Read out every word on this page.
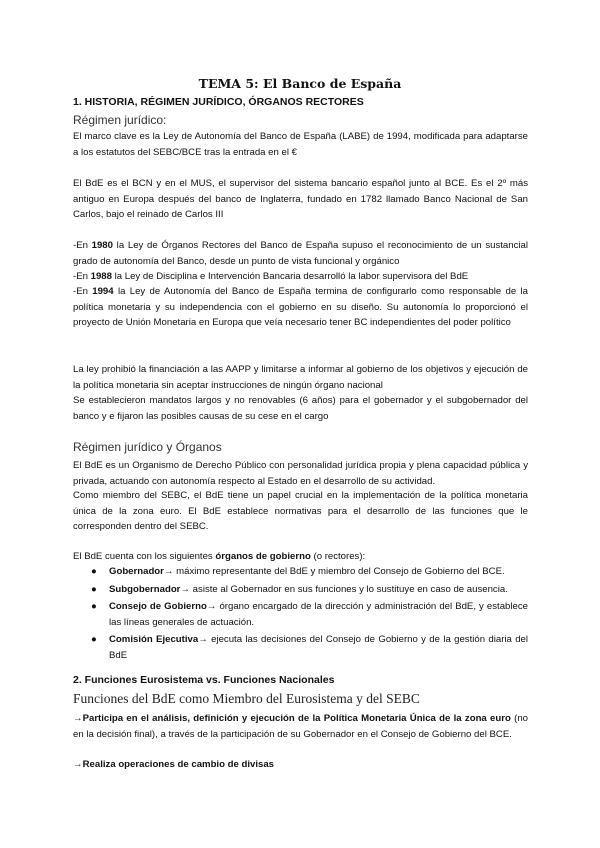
TEMA 5: El Banco de España
1. HISTORIA, RÉGIMEN JURÍDICO, ÓRGANOS RECTORES
Régimen jurídico:
El marco clave es la Ley de Autonomía del Banco de España (LABE) de 1994, modificada para adaptarse a los estatutos del SEBC/BCE tras la entrada en el €
El BdE es el BCN y en el MUS, el supervisor del sistema bancario español junto al BCE. Es el 2º más antiguo en Europa después del banco de Inglaterra, fundado en 1782 llamado Banco Nacional de San Carlos, bajo el reinado de Carlos III
-En 1980 la Ley de Órganos Rectores del Banco de España supuso el reconocimiento de un sustancial grado de autonomía del Banco, desde un punto de vista funcional y orgánico
-En 1988 la Ley de Disciplina e Intervención Bancaria desarrolló la labor supervisora del BdE
-En 1994 la Ley de Autonomía del Banco de España termina de configurarlo como responsable de la política monetaria y su independencia con el gobierno en su diseño. Su autonomía lo proporcionó el proyecto de Unión Monetaria en Europa que veía necesario tener BC independientes del poder político
La ley prohibió la financiación a las AAPP y limitarse a informar al gobierno de los objetivos y ejecución de la política monetaria sin aceptar instrucciones de ningún órgano nacional
Se establecieron mandatos largos y no renovables (6 años) para el gobernador y el subgobernador del banco y e fijaron las posibles causas de su cese en el cargo
Régimen jurídico y Órganos
El BdE es un Organismo de Derecho Público con personalidad jurídica propia y plena capacidad pública y privada, actuando con autonomía respecto al Estado en el desarrollo de su actividad.
Como miembro del SEBC, el BdE tiene un papel crucial en la implementación de la política monetaria única de la zona euro. El BdE establece normativas para el desarrollo de las funciones que le corresponden dentro del SEBC.
El BdE cuenta con los siguientes órganos de gobierno (o rectores):
● Gobernador→ máximo representante del BdE y miembro del Consejo de Gobierno del BCE.
● Subgobernador→ asiste al Gobernador en sus funciones y lo sustituye en caso de ausencia.
● Consejo de Gobierno→ órgano encargado de la dirección y administración del BdE, y establece las líneas generales de actuación.
● Comisión Ejecutiva→ ejecuta las decisiones del Consejo de Gobierno y de la gestión diaria del BdE
2. Funciones Eurosistema vs. Funciones Nacionales
Funciones del BdE como Miembro del Eurosistema y del SEBC
→Participa en el análisis, definición y ejecución de la Política Monetaria Única de la zona euro (no en la decisión final), a través de la participación de su Gobernador en el Consejo de Gobierno del BCE.
→Realiza operaciones de cambio de divisas
